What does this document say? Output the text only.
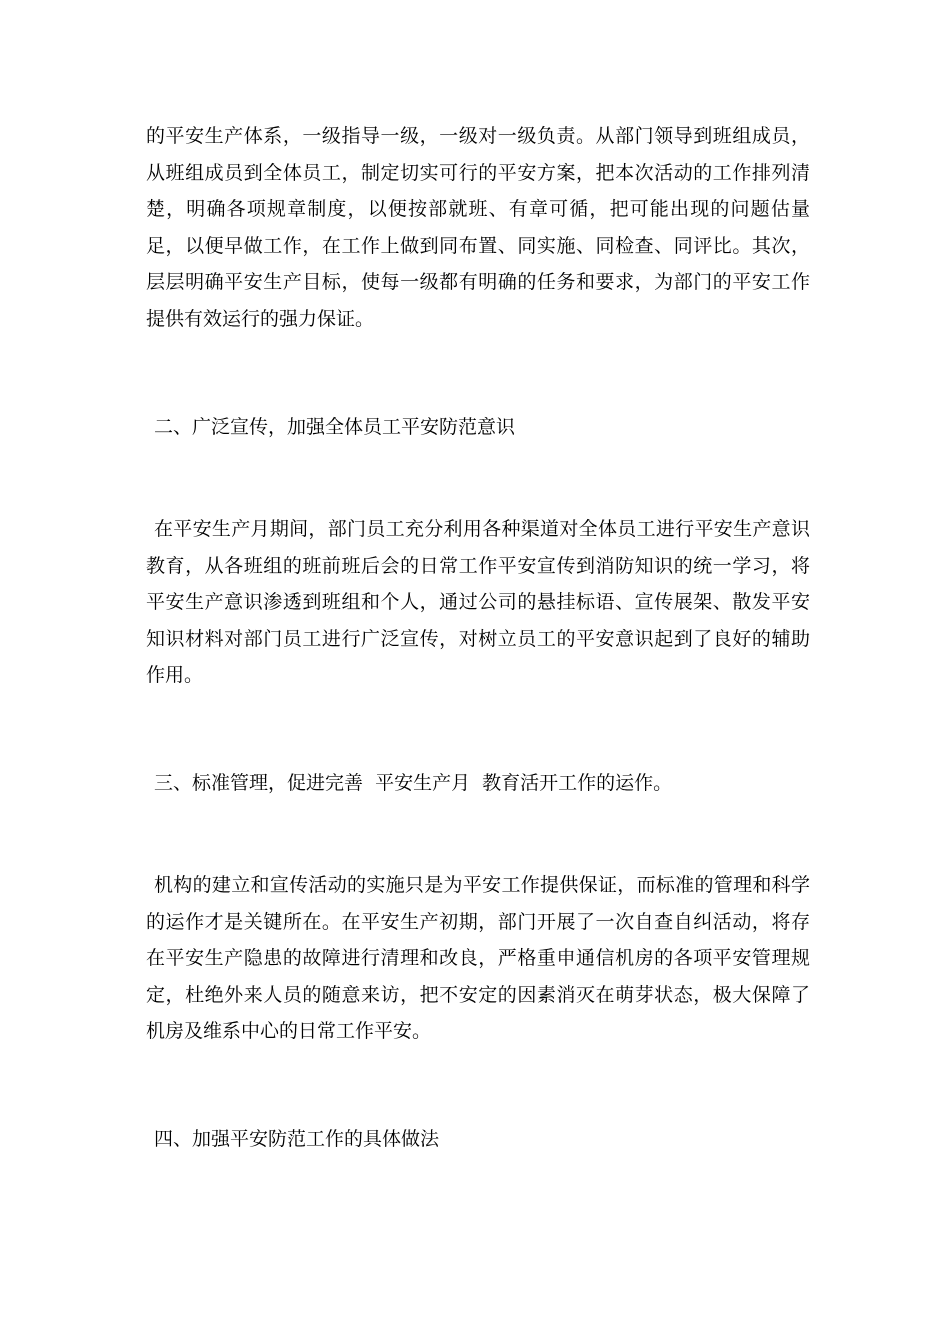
的平安生产体系，一级指导一级，一级对一级负责。从部门领导到班组成员，从班组成员到全体员工，制定切实可行的平安方案，把本次活动的工作排列清楚，明确各项规章制度，以便按部就班、有章可循，把可能出现的问题估量足，以便早做工作，在工作上做到同布置、同实施、同检查、同评比。其次，层层明确平安生产目标，使每一级都有明确的任务和要求，为部门的平安工作提供有效运行的强力保证。

二、广泛宣传，加强全体员工平安防范意识

在平安生产月期间，部门员工充分利用各种渠道对全体员工进行平安生产意识教育，从各班组的班前班后会的日常工作平安宣传到消防知识的统一学习，将平安生产意识渗透到班组和个人，通过公司的悬挂标语、宣传展架、散发平安知识材料对部门员工进行广泛宣传，对树立员工的平安意识起到了良好的辅助作用。

三、标准管理，促进完善  平安生产月  教育活开工作的运作。

机构的建立和宣传活动的实施只是为平安工作提供保证，而标准的管理和科学的运作才是关键所在。在平安生产初期，部门开展了一次自查自纠活动，将存在平安生产隐患的故障进行清理和改良，严格重申通信机房的各项平安管理规定，杜绝外来人员的随意来访，把不安定的因素消灭在萌芽状态，极大保障了机房及维系中心的日常工作平安。

四、加强平安防范工作的具体做法
